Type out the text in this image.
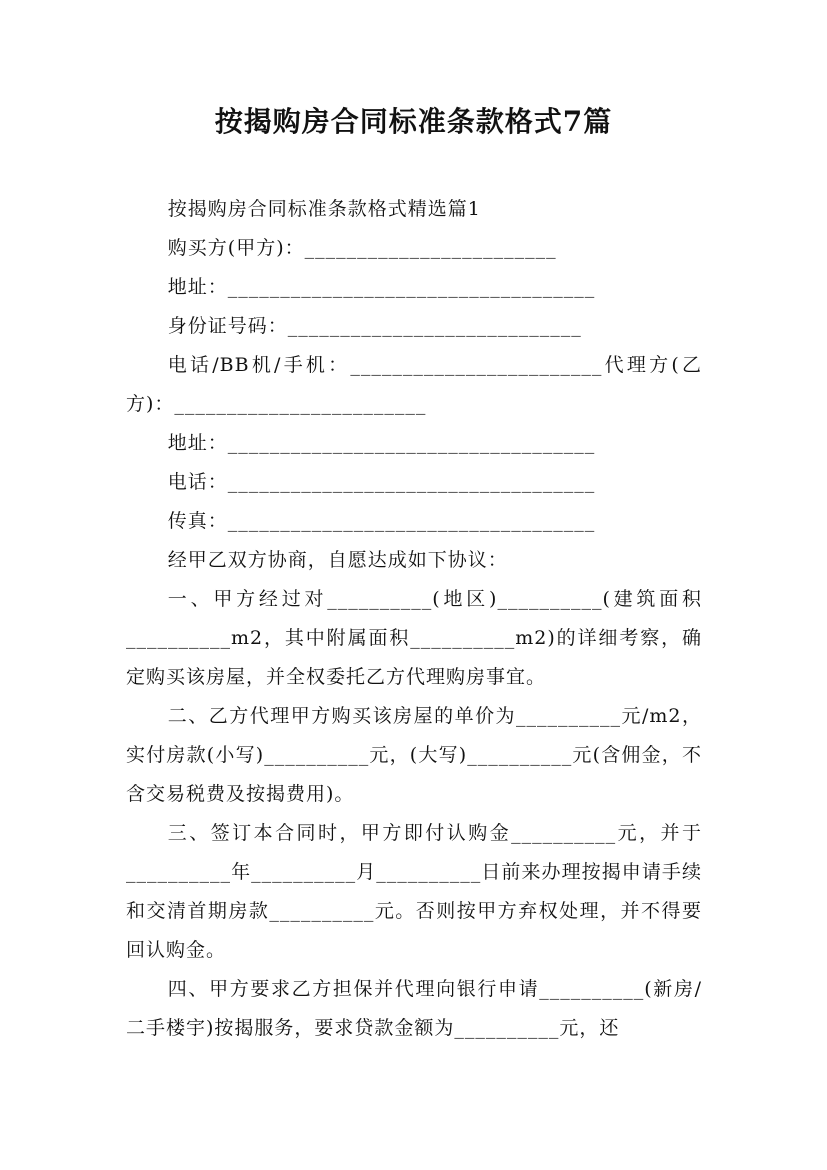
按揭购房合同标准条款格式7篇

按揭购房合同标准条款格式精选篇1

购买方(甲方)：________________________

地址：___________________________________

身份证号码：____________________________

电话/BB机/手机：________________________代理方(乙方)：________________________

地址：___________________________________

电话：___________________________________

传真：___________________________________

经甲乙双方协商，自愿达成如下协议：

一、甲方经过对__________(地区)__________(建筑面积__________m2，其中附属面积__________m2)的详细考察，确定购买该房屋，并全权委托乙方代理购房事宜。

二、乙方代理甲方购买该房屋的单价为__________元/m2，实付房款(小写)__________元，(大写)__________元(含佣金，不含交易税费及按揭费用)。

三、签订本合同时，甲方即付认购金__________元，并于__________年__________月__________日前来办理按揭申请手续和交清首期房款__________元。否则按甲方弃权处理，并不得要回认购金。

四、甲方要求乙方担保并代理向银行申请__________(新房/二手楼宇)按揭服务，要求贷款金额为__________元，还
